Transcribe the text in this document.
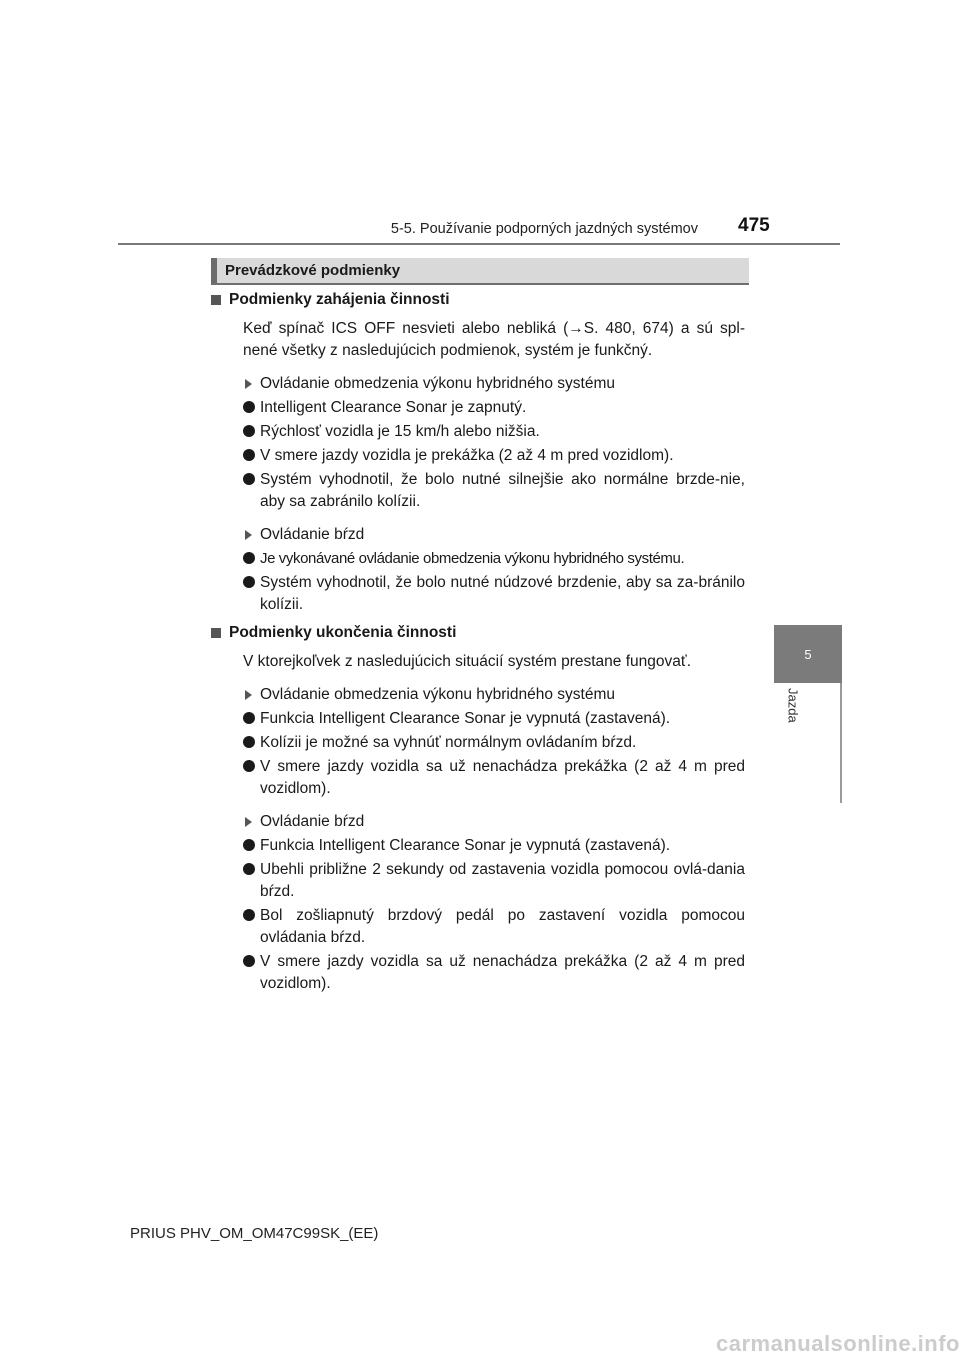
5-5. Používanie podporných jazdných systémov 475
5
Jazda
Prevádzkové podmienky
Podmienky zahájenia činnosti
Keď spínač ICS OFF nesvieti alebo nebliká (→S. 480, 674) a sú spl-nené všetky z nasledujúcich podmienok, systém je funkčný.
Ovládanie obmedzenia výkonu hybridného systému
Intelligent Clearance Sonar je zapnutý.
Rýchlosť vozidla je 15 km/h alebo nižšia.
V smere jazdy vozidla je prekážka (2 až 4 m pred vozidlom).
Systém vyhodnotil, že bolo nutné silnejšie ako normálne brzde-nie, aby sa zabránilo kolízii.
Ovládanie bŕzd
Je vykonávané ovládanie obmedzenia výkonu hybridného systému.
Systém vyhodnotil, že bolo nutné núdzové brzdenie, aby sa za-bránilo kolízii.
Podmienky ukončenia činnosti
V ktorejkoľvek z nasledujúcich situácií systém prestane fungovať.
Ovládanie obmedzenia výkonu hybridného systému
Funkcia Intelligent Clearance Sonar je vypnutá (zastavená).
Kolízii je možné sa vyhnúť normálnym ovládaním bŕzd.
V smere jazdy vozidla sa už nenachádza prekážka (2 až 4 m pred vozidlom).
Ovládanie bŕzd
Funkcia Intelligent Clearance Sonar je vypnutá (zastavená).
Ubehli približne 2 sekundy od zastavenia vozidla pomocou ovlá-dania bŕzd.
Bol zošliapnutý brzdový pedál po zastavení vozidla pomocou ovládania bŕzd.
V smere jazdy vozidla sa už nenachádza prekážka (2 až 4 m pred vozidlom).
PRIUS PHV_OM_OM47C99SK_(EE)
carmanualsonline.info
